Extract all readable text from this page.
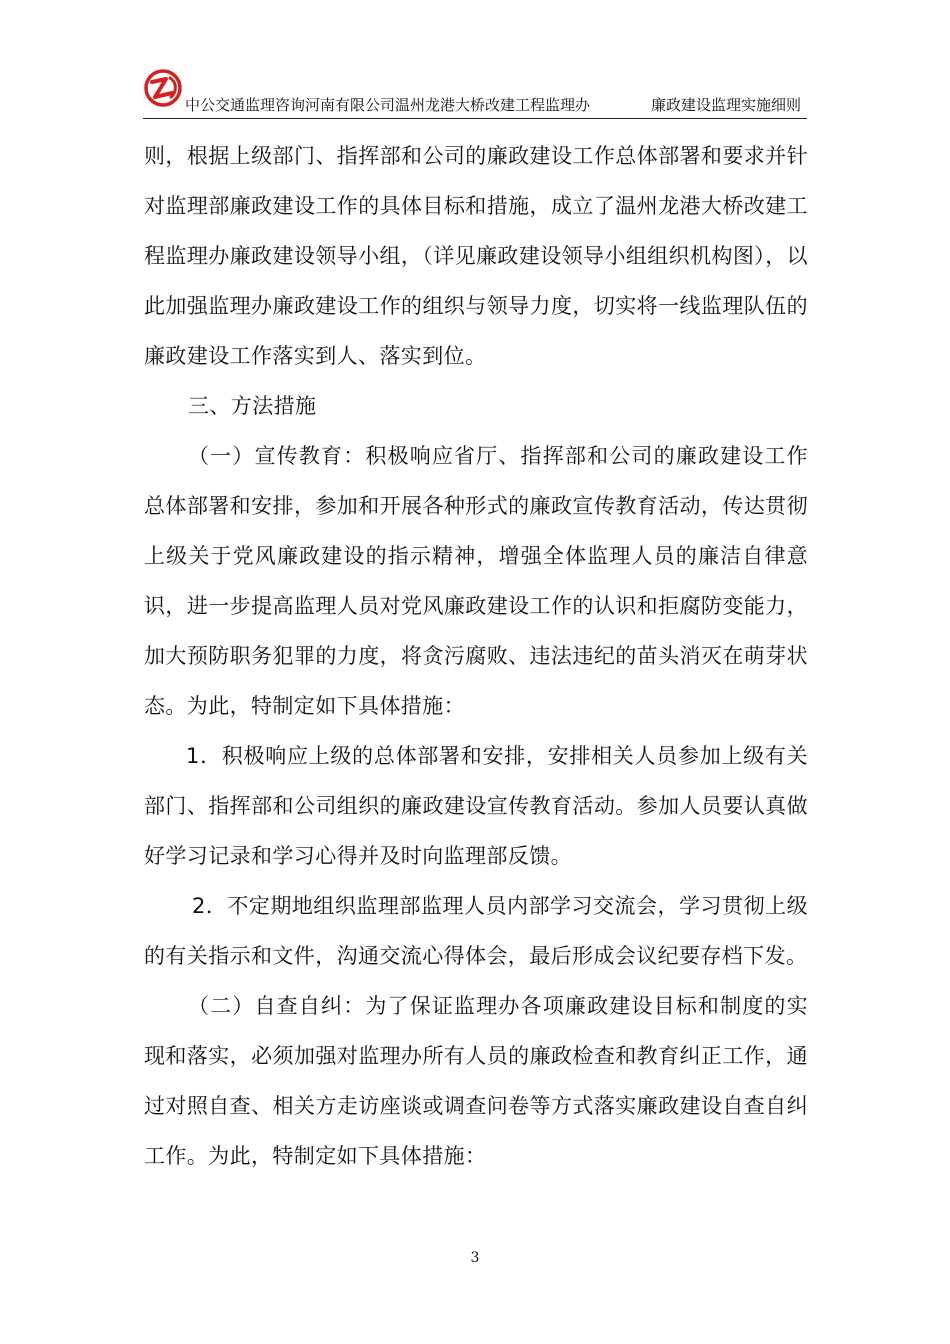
中公交通监理咨询河南有限公司温州龙港大桥改建工程监理办	廉政建设监理实施细则

则，根据上级部门、指挥部和公司的廉政建设工作总体部署和要求并针对监理部廉政建设工作的具体目标和措施，成立了温州龙港大桥改建工程监理办廉政建设领导小组，（详见廉政建设领导小组组织机构图），以此加强监理办廉政建设工作的组织与领导力度，切实将一线监理队伍的廉政建设工作落实到人、落实到位。

三、方法措施

（一）宣传教育：积极响应省厅、指挥部和公司的廉政建设工作总体部署和安排，参加和开展各种形式的廉政宣传教育活动，传达贯彻上级关于党风廉政建设的指示精神，增强全体监理人员的廉洁自律意识，进一步提高监理人员对党风廉政建设工作的认识和拒腐防变能力，加大预防职务犯罪的力度，将贪污腐败、违法违纪的苗头消灭在萌芽状态。为此，特制定如下具体措施：

1．积极响应上级的总体部署和安排，安排相关人员参加上级有关部门、指挥部和公司组织的廉政建设宣传教育活动。参加人员要认真做好学习记录和学习心得并及时向监理部反馈。

2．不定期地组织监理部监理人员内部学习交流会，学习贯彻上级的有关指示和文件，沟通交流心得体会，最后形成会议纪要存档下发。

（二）自查自纠：为了保证监理办各项廉政建设目标和制度的实现和落实，必须加强对监理办所有人员的廉政检查和教育纠正工作，通过对照自查、相关方走访座谈或调查问卷等方式落实廉政建设自查自纠工作。为此，特制定如下具体措施：

3
